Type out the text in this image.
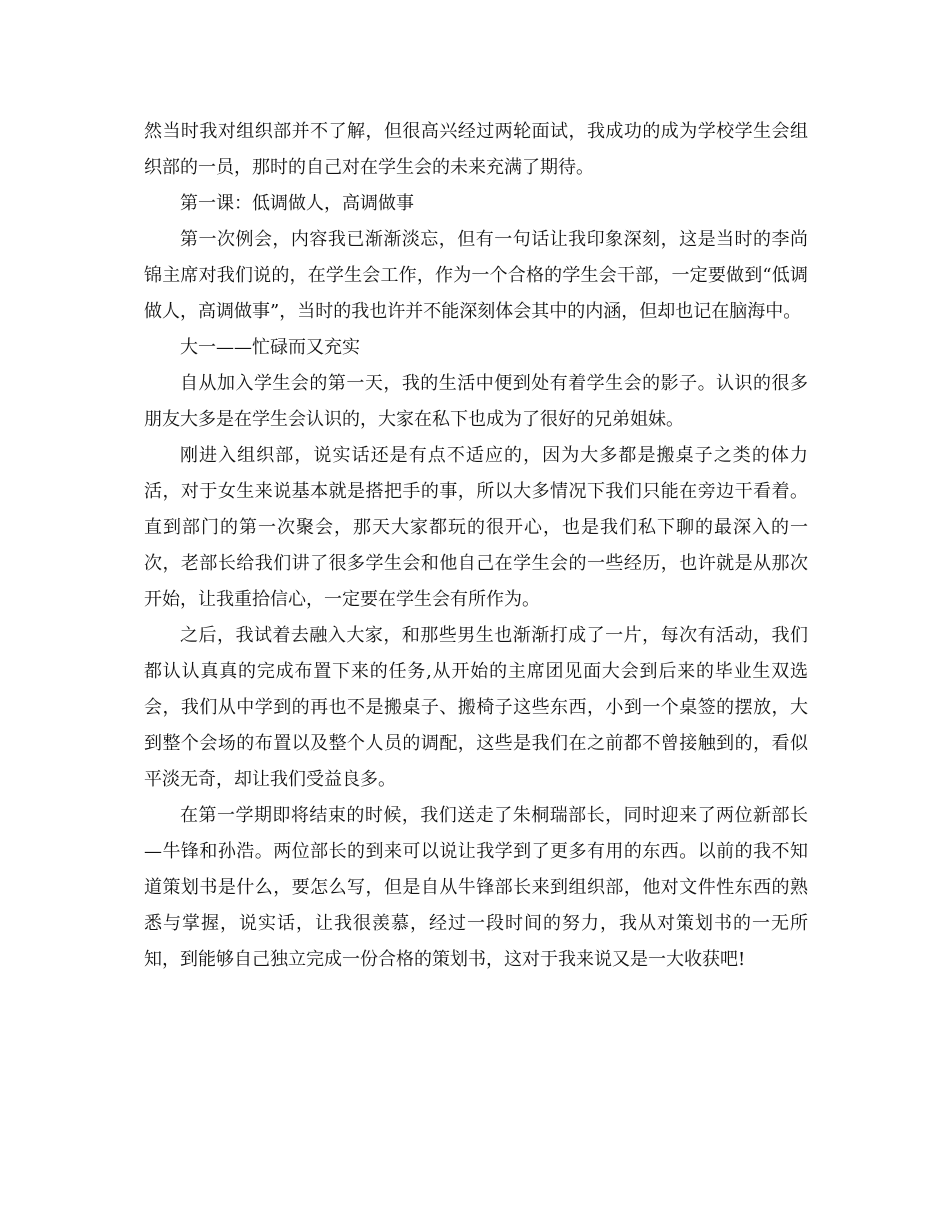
然当时我对组织部并不了解，但很高兴经过两轮面试，我成功的成为学校学生会组织部的一员，那时的自己对在学生会的未来充满了期待。

第一课：低调做人，高调做事

第一次例会，内容我已渐渐淡忘，但有一句话让我印象深刻，这是当时的李尚锦主席对我们说的，在学生会工作，作为一个合格的学生会干部，一定要做到“低调做人，高调做事”，当时的我也许并不能深刻体会其中的内涵，但却也记在脑海中。

大一——忙碌而又充实

自从加入学生会的第一天，我的生活中便到处有着学生会的影子。认识的很多朋友大多是在学生会认识的，大家在私下也成为了很好的兄弟姐妹。

刚进入组织部，说实话还是有点不适应的，因为大多都是搬桌子之类的体力活，对于女生来说基本就是搭把手的事，所以大多情况下我们只能在旁边干看着。直到部门的第一次聚会，那天大家都玩的很开心，也是我们私下聊的最深入的一次，老部长给我们讲了很多学生会和他自己在学生会的一些经历，也许就是从那次开始，让我重拾信心，一定要在学生会有所作为。

之后，我试着去融入大家，和那些男生也渐渐打成了一片，每次有活动，我们都认认真真的完成布置下来的任务,从开始的主席团见面大会到后来的毕业生双选会，我们从中学到的再也不是搬桌子、搬椅子这些东西，小到一个桌签的摆放，大到整个会场的布置以及整个人员的调配，这些是我们在之前都不曾接触到的，看似平淡无奇，却让我们受益良多。

在第一学期即将结束的时候，我们送走了朱桐瑞部长，同时迎来了两位新部长—牛锋和孙浩。两位部长的到来可以说让我学到了更多有用的东西。以前的我不知道策划书是什么，要怎么写，但是自从牛锋部长来到组织部，他对文件性东西的熟悉与掌握，说实话，让我很羡慕，经过一段时间的努力，我从对策划书的一无所知，到能够自己独立完成一份合格的策划书，这对于我来说又是一大收获吧!
